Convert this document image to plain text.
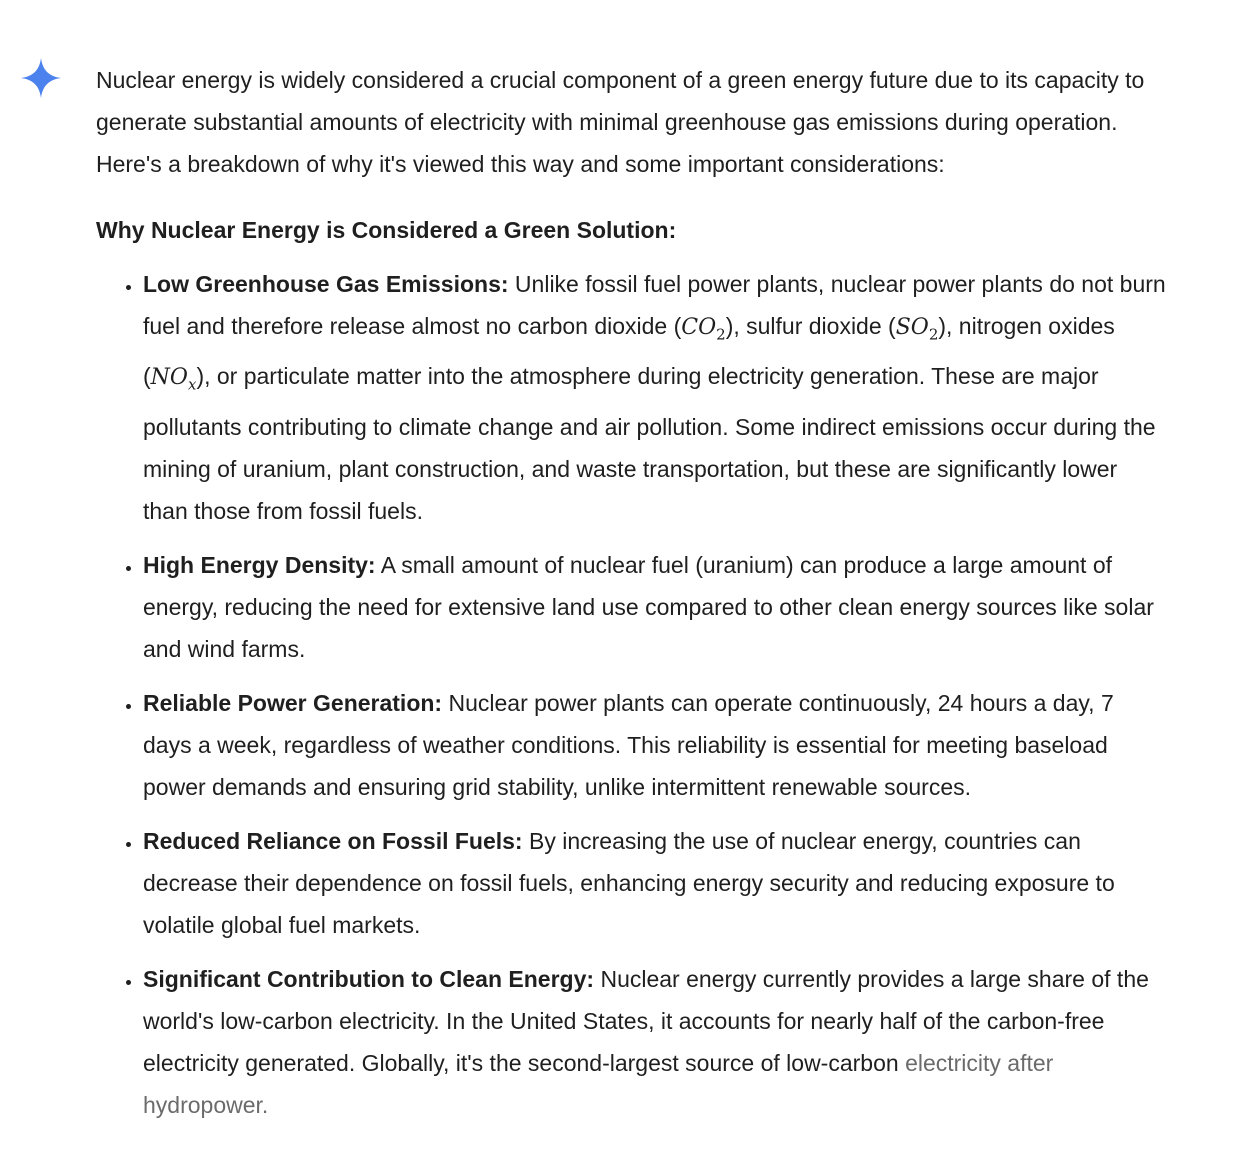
Nuclear energy is widely considered a crucial component of a green energy future due to its capacity to generate substantial amounts of electricity with minimal greenhouse gas emissions during operation. Here's a breakdown of why it's viewed this way and some important considerations:

Why Nuclear Energy is Considered a Green Solution:

• Low Greenhouse Gas Emissions: Unlike fossil fuel power plants, nuclear power plants do not burn fuel and therefore release almost no carbon dioxide $(CO_2)$, sulfur dioxide $(SO_2)$, nitrogen oxides $(NO_x)$, or particulate matter into the atmosphere during electricity generation. These are major pollutants contributing to climate change and air pollution. Some indirect emissions occur during the mining of uranium, plant construction, and waste transportation, but these are significantly lower than those from fossil fuels.
• High Energy Density: A small amount of nuclear fuel (uranium) can produce a large amount of energy, reducing the need for extensive land use compared to other clean energy sources like solar and wind farms.
• Reliable Power Generation: Nuclear power plants can operate continuously, 24 hours a day, 7 days a week, regardless of weather conditions. This reliability is essential for meeting baseload power demands and ensuring grid stability, unlike intermittent renewable sources.
• Reduced Reliance on Fossil Fuels: By increasing the use of nuclear energy, countries can decrease their dependence on fossil fuels, enhancing energy security and reducing exposure to volatile global fuel markets.
• Significant Contribution to Clean Energy: Nuclear energy currently provides a large share of the world's low-carbon electricity. In the United States, it accounts for nearly half of the carbon-free electricity generated. Globally, it's the second-largest source of low-carbon electricity after hydropower.
